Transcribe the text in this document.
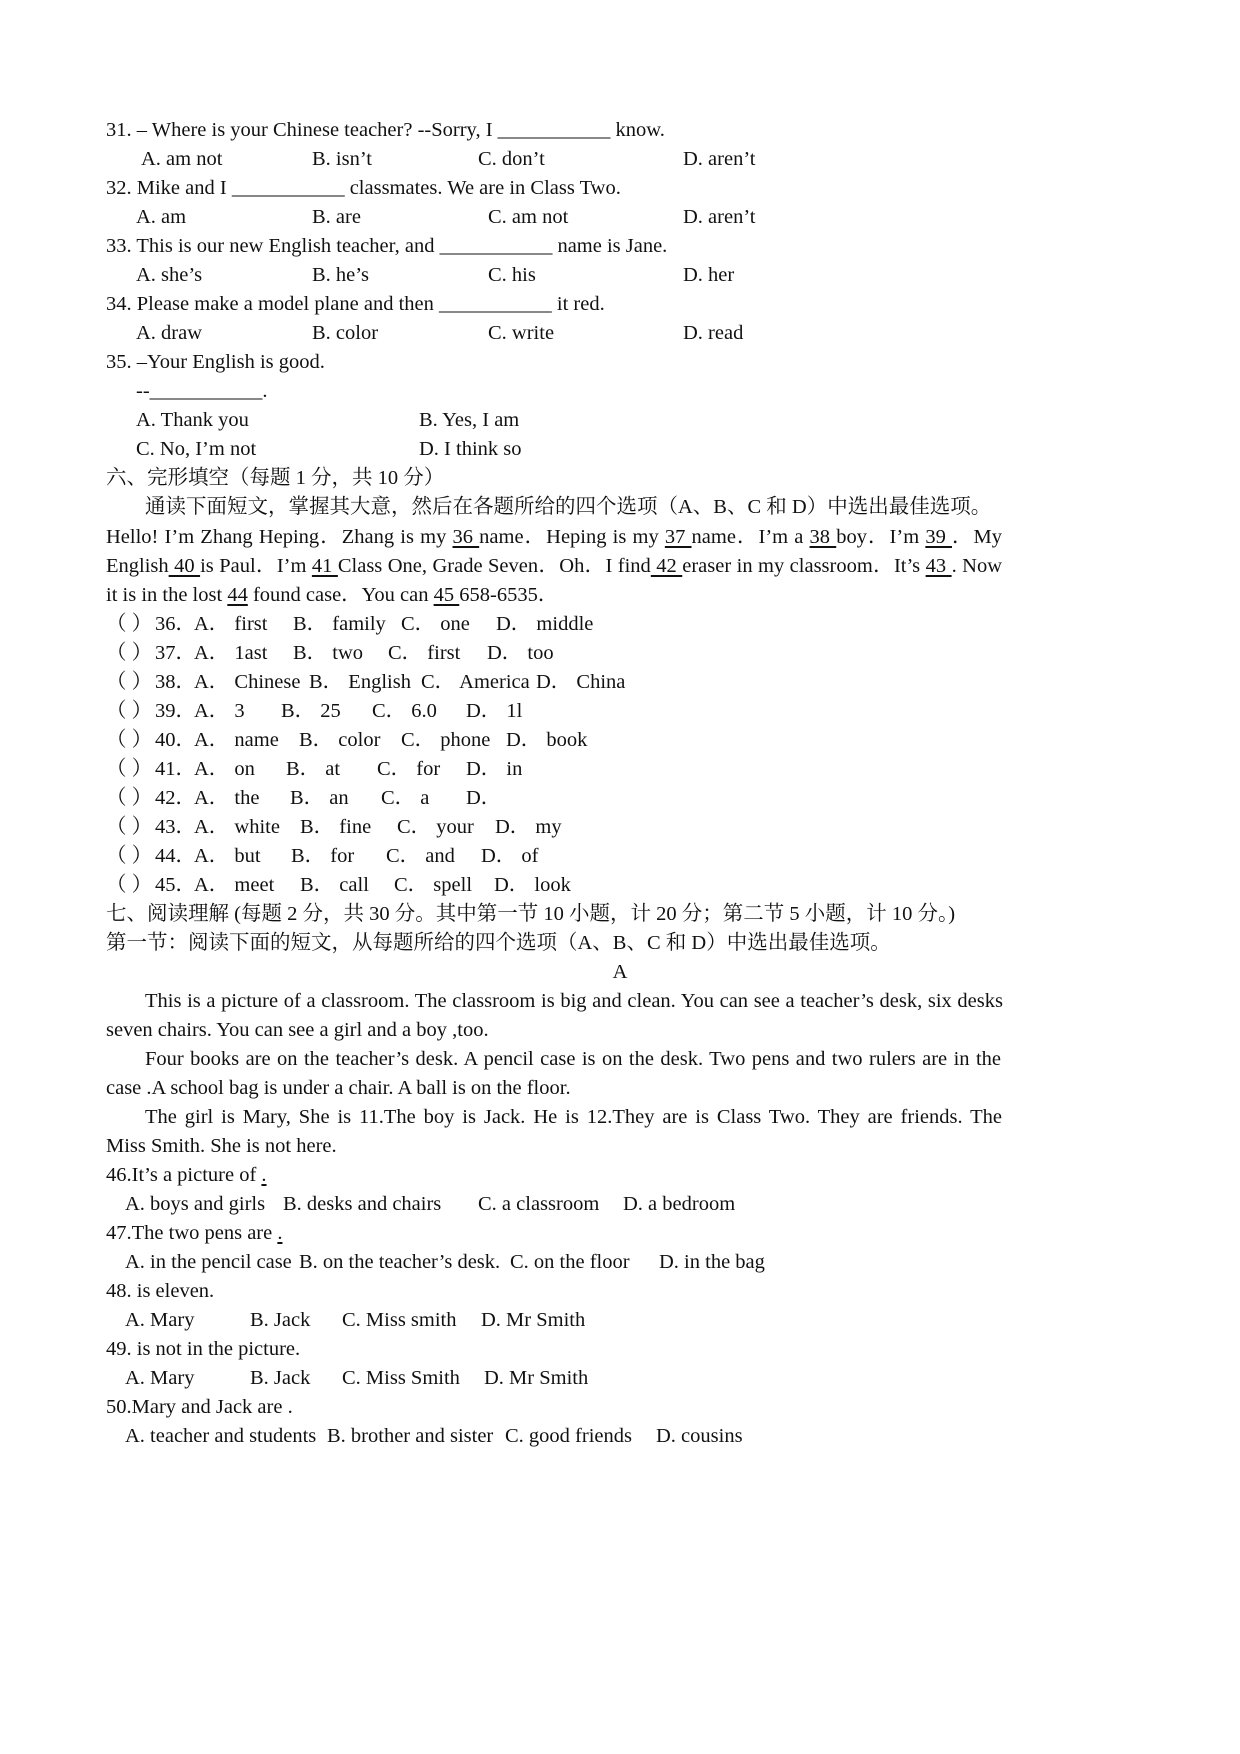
31. – Where is your Chinese teacher? --Sorry, I ___________ know.
A. am not	B. isn’t	C. don’t	D. aren’t
32. Mike and I ___________ classmates. We are in Class Two.
A. am	B. are	C. am not	D. aren’t
33. This is our new English teacher, and ___________ name is Jane.
A. she’s	B. he’s	C. his	D. her
34. Please make a model plane and then ___________ it red.
A. draw	B. color	C. write	D. read
35. –Your English is good.
--___________.
A. Thank you	B. Yes, I am
C. No, I’m not	D. I think so
六、完形填空（每题 1 分，共 10 分）
通读下面短文，掌握其大意，然后在各题所给的四个选项（A、B、C 和 D）中选出最佳选项。
Hello! I’m Zhang Heping．Zhang is my 36 name．Heping is my 37 name．I’m a 38 boy．I’m 39 ．My
English 40 is Paul．I’m 41 Class One, Grade Seven．Oh．I find 42 eraser in my classroom．It’s 43 . Now
it is in the lost 44 found case．You can 45 658-6535．
（ ） 36．
A． first B． family C． one D． middle
（ ） 37．
A． 1ast B． two C． first D． too
（ ） 38．
A． Chinese B． English C． America D． China
（ ） 39．
A． 3 B． 25 C． 6.0 D． 1l
（ ） 40．
A． name B． color C． phone D． book
（ ） 41．
A． on B． at C． for D． in
（ ） 42．
A． the B． an C． a D．
（ ） 43．
A． white B． fine C． your D． my
（ ） 44．
A． but B． for C． and D． of
（ ） 45．
A． meet B． call C． spell D． look
七、阅读理解 (每题 2 分，共 30 分。其中第一节 10 小题，计 20 分；第二节 5 小题，计 10 分。)
第一节：阅读下面的短文，从每题所给的四个选项（A、B、C 和 D）中选出最佳选项。
A
This is a picture of a classroom. The classroom is big and clean. You can see a teacher’s desk, six desks
seven chairs. You can see a girl and a boy ,too.
Four books are on the teacher’s desk. A pencil case is on the desk. Two pens and two rulers are in the
case .A school bag is under a chair. A ball is on the floor.
The girl is Mary, She is 11.The boy is Jack. He is 12.They are is Class Two. They are friends. The
Miss Smith. She is not here.
46.It’s a picture of .
A. boys and girls B. desks and chairs C. a classroom D. a bedroom
47.The two pens are .
A. in the pencil case B. on the teacher’s desk. C. on the floor D. in the bag
48. is eleven.
A. Mary	B. Jack C. Miss smith D. Mr Smith
49. is not in the picture.
A. Mary	B. Jack C. Miss Smith D. Mr Smith
50.Mary and Jack are .
A. teacher and students B. brother and sister C. good friends D. cousins
